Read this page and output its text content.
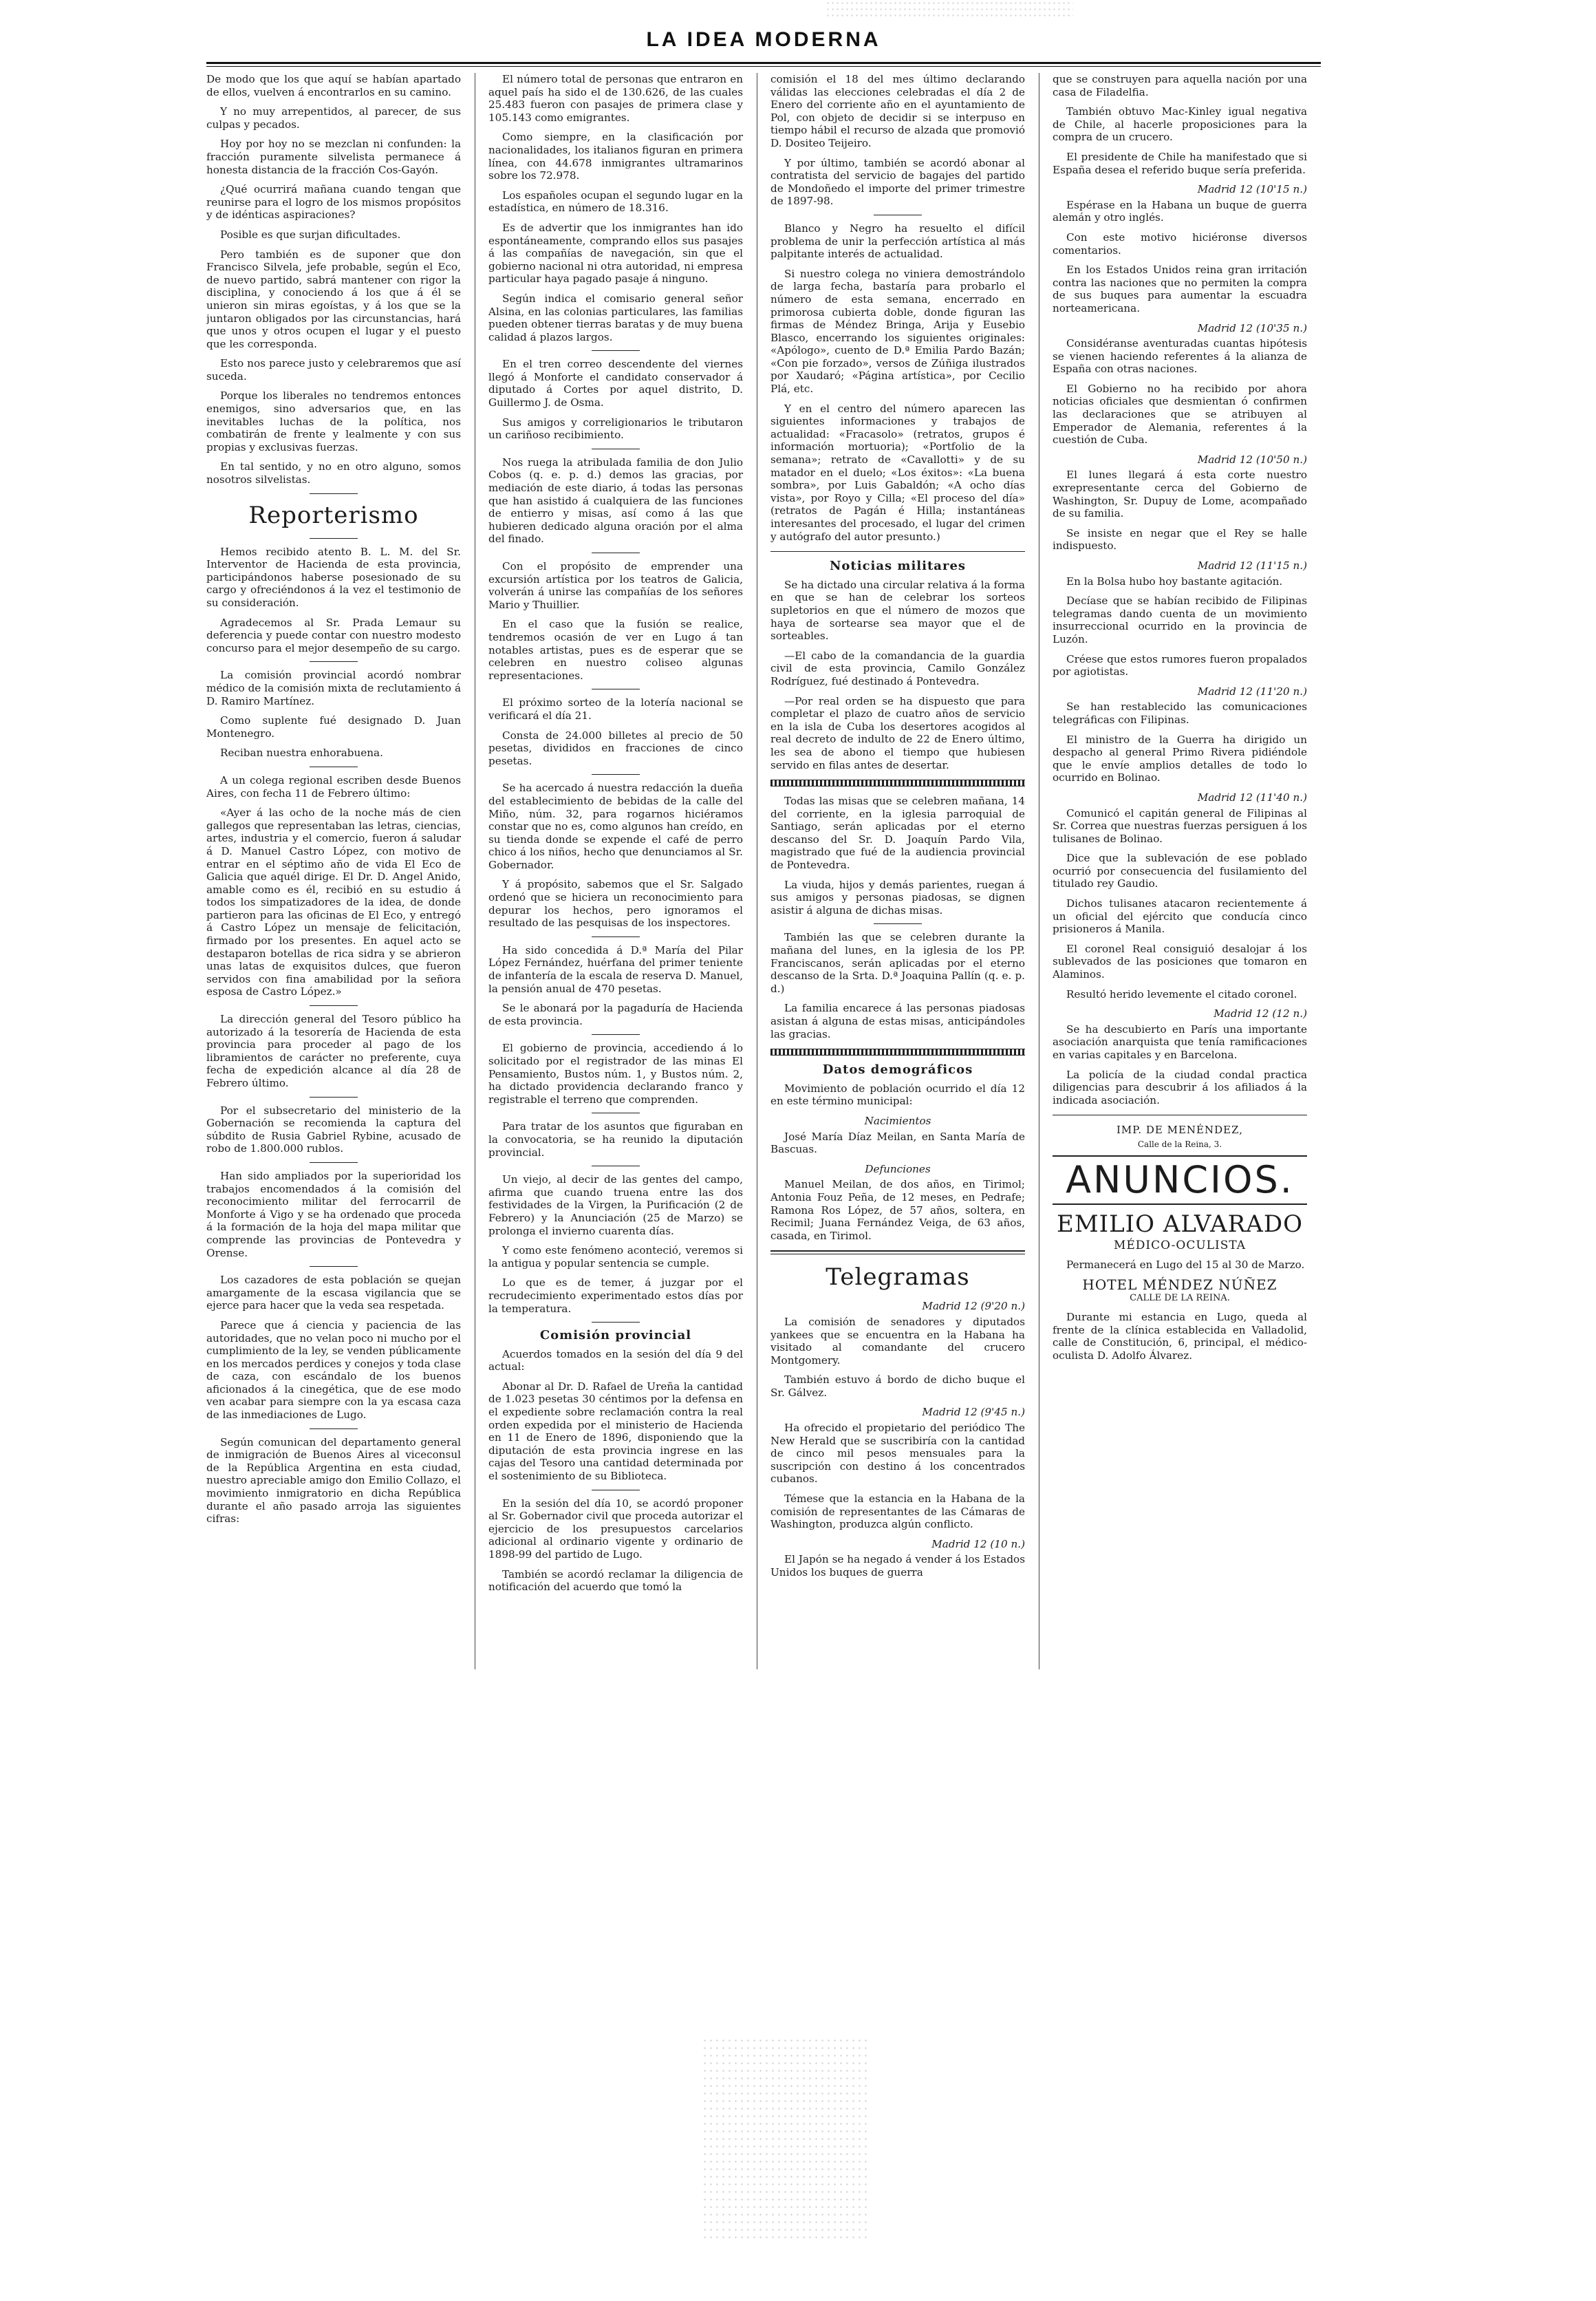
LA IDEA MODERNA

De modo que los que aquí se habían apartado de ellos, vuelven á encontrarlos en su camino.

Y no muy arrepentidos, al parecer, de sus culpas y pecados.

Hoy por hoy no se mezclan ni confunden: la fracción puramente silvelista permanece á honesta distancia de la fracción Cos-Gayón.

¿Qué ocurrirá mañana cuando tengan que reunirse para el logro de los mismos propósitos y de idénticas aspiraciones?

Posible es que surjan dificultades.

Pero también es de suponer que don Francisco Silvela, jefe probable, según el Eco, de nuevo partido, sabrá mantener con rigor la disciplina, y conociendo á los que á él se unieron sin miras egoístas, y á los que se la juntaron obligados por las circunstancias, hará que unos y otros ocupen el lugar y el puesto que les corresponda.

Esto nos parece justo y celebraremos que así suceda.

Porque los liberales no tendremos entonces enemigos, sino adversarios que, en las inevitables luchas de la política, nos combatirán de frente y lealmente y con sus propias y exclusivas fuerzas.

En tal sentido, y no en otro alguno, somos nosotros silvelistas.

Reporterismo

Hemos recibido atento B. L. M. del Sr. Interventor de Hacienda de esta provincia, participándonos haberse posesionado de su cargo y ofreciéndonos á la vez el testimonio de su consideración.

Agradecemos al Sr. Prada Lemaur su deferencia y puede contar con nuestro modesto concurso para el mejor desempeño de su cargo.

La comisión provincial acordó nombrar médico de la comisión mixta de reclutamiento á D. Ramiro Martínez.

Como suplente fué designado D. Juan Montenegro.

Reciban nuestra enhorabuena.

A un colega regional escriben desde Buenos Aires, con fecha 11 de Febrero último:

«Ayer á las ocho de la noche más de cien gallegos que representaban las letras, ciencias, artes, industria y el comercio, fueron á saludar á D. Manuel Castro López, con motivo de entrar en el séptimo año de vida El Eco de Galicia que aquél dirige. El Dr. D. Angel Anido, amable como es él, recibió en su estudio á todos los simpatizadores de la idea, de donde partieron para las oficinas de El Eco, y entregó á Castro López un mensaje de felicitación, firmado por los presentes. En aquel acto se destaparon botellas de rica sidra y se abrieron unas latas de exquisitos dulces, que fueron servidos con fina amabilidad por la señora esposa de Castro López.»

La dirección general del Tesoro público ha autorizado á la tesorería de Hacienda de esta provincia para proceder al pago de los libramientos de carácter no preferente, cuya fecha de expedición alcance al día 28 de Febrero último.

Por el subsecretario del ministerio de la Gobernación se recomienda la captura del súbdito de Rusia Gabriel Rybine, acusado de robo de 1.800.000 rublos.

Han sido ampliados por la superioridad los trabajos encomendados á la comisión del reconocimiento militar del ferrocarril de Monforte á Vigo y se ha ordenado que proceda á la formación de la hoja del mapa militar que comprende las provincias de Pontevedra y Orense.

Los cazadores de esta población se quejan amargamente de la escasa vigilancia que se ejerce para hacer que la veda sea respetada.

Parece que á ciencia y paciencia de las autoridades, que no velan poco ni mucho por el cumplimiento de la ley, se venden públicamente en los mercados perdices y conejos y toda clase de caza, con escándalo de los buenos aficionados á la cinegética, que de ese modo ven acabar para siempre con la ya escasa caza de las inmediaciones de Lugo.

Según comunican del departamento general de inmigración de Buenos Aires al viceconsul de la República Argentina en esta ciudad, nuestro apreciable amigo don Emilio Collazo, el movimiento inmigratorio en dicha República durante el año pasado arroja las siguientes cifras:

El número total de personas que entraron en aquel país ha sido el de 130.626, de las cuales 25.483 fueron con pasajes de primera clase y 105.143 como emigrantes.

Como siempre, en la clasificación por nacionalidades, los italianos figuran en primera línea, con 44.678 inmigrantes ultramarinos sobre los 72.978.

Los españoles ocupan el segundo lugar en la estadística, en número de 18.316.

Es de advertir que los inmigrantes han ido espontáneamente, comprando ellos sus pasajes á las compañías de navegación, sin que el gobierno nacional ni otra autoridad, ni empresa particular haya pagado pasaje á ninguno.

Según indica el comisario general señor Alsina, en las colonias particulares, las familias pueden obtener tierras baratas y de muy buena calidad á plazos largos.

En el tren correo descendente del viernes llegó á Monforte el candidato conservador á diputado á Cortes por aquel distrito, D. Guillermo J. de Osma.

Sus amigos y correligionarios le tributaron un cariñoso recibimiento.

Nos ruega la atribulada familia de don Julio Cobos (q. e. p. d.) demos las gracias, por mediación de este diario, á todas las personas que han asistido á cualquiera de las funciones de entierro y misas, así como á las que hubieren dedicado alguna oración por el alma del finado.

Con el propósito de emprender una excursión artística por los teatros de Galicia, volverán á unirse las compañías de los señores Mario y Thuillier.

En el caso que la fusión se realice, tendremos ocasión de ver en Lugo á tan notables artistas, pues es de esperar que se celebren en nuestro coliseo algunas representaciones.

El próximo sorteo de la lotería nacional se verificará el día 21.

Consta de 24.000 billetes al precio de 50 pesetas, divididos en fracciones de cinco pesetas.

Se ha acercado á nuestra redacción la dueña del establecimiento de bebidas de la calle del Miño, núm. 32, para rogarnos hiciéramos constar que no es, como algunos han creído, en su tienda donde se expende el café de perro chico á los niños, hecho que denunciamos al Sr. Gobernador.

Y á propósito, sabemos que el Sr. Salgado ordenó que se hiciera un reconocimiento para depurar los hechos, pero ignoramos el resultado de las pesquisas de los inspectores.

Ha sido concedida á D.ª María del Pilar López Fernández, huérfana del primer teniente de infantería de la escala de reserva D. Manuel, la pensión anual de 470 pesetas.

Se le abonará por la pagaduría de Hacienda de esta provincia.

El gobierno de provincia, accediendo á lo solicitado por el registrador de las minas El Pensamiento, Bustos núm. 1, y Bustos núm. 2, ha dictado providencia declarando franco y registrable el terreno que comprenden.

Para tratar de los asuntos que figuraban en la convocatoria, se ha reunido la diputación provincial.

Un viejo, al decir de las gentes del campo, afirma que cuando truena entre las dos festividades de la Virgen, la Purificación (2 de Febrero) y la Anunciación (25 de Marzo) se prolonga el invierno cuarenta días.

Y como este fenómeno aconteció, veremos si la antigua y popular sentencia se cumple.

Lo que es de temer, á juzgar por el recrudecimiento experimentado estos días por la temperatura.

Comisión provincial

Acuerdos tomados en la sesión del día 9 del actual:

Abonar al Dr. D. Rafael de Ureña la cantidad de 1.023 pesetas 30 céntimos por la defensa en el expediente sobre reclamación contra la real orden expedida por el ministerio de Hacienda en 11 de Enero de 1896, disponiendo que la diputación de esta provincia ingrese en las cajas del Tesoro una cantidad determinada por el sostenimiento de su Biblioteca.

En la sesión del día 10, se acordó proponer al Sr. Gobernador civil que proceda autorizar el ejercicio de los presupuestos carcelarios adicional al ordinario vigente y ordinario de 1898-99 del partido de Lugo.

También se acordó reclamar la diligencia de notificación del acuerdo que tomó la

comisión el 18 del mes último declarando válidas las elecciones celebradas el día 2 de Enero del corriente año en el ayuntamiento de Pol, con objeto de decidir si se interpuso en tiempo hábil el recurso de alzada que promovió D. Dositeo Teijeiro.

Y por último, también se acordó abonar al contratista del servicio de bagajes del partido de Mondoñedo el importe del primer trimestre de 1897-98.

Blanco y Negro ha resuelto el difícil problema de unir la perfección artística al más palpitante interés de actualidad.

Si nuestro colega no viniera demostrándolo de larga fecha, bastaría para probarlo el número de esta semana, encerrado en primorosa cubierta doble, donde figuran las firmas de Méndez Bringa, Arija y Eusebio Blasco, encerrando los siguientes originales: «Apólogo», cuento de D.ª Emilia Pardo Bazán; «Con pie forzado», versos de Zúñiga ilustrados por Xaudaró; «Página artística», por Cecilio Plá, etc.

Y en el centro del número aparecen las siguientes informaciones y trabajos de actualidad: «Fracasolo» (retratos, grupos é información mortuoria); «Portfolio de la semana»; retrato de «Cavallotti» y de su matador en el duelo; «Los éxitos»: «La buena sombra», por Luis Gabaldón; «A ocho días vista», por Royo y Cilla; «El proceso del día» (retratos de Pagán é Hilla; instantáneas interesantes del procesado, el lugar del crimen y autógrafo del autor presunto.)

Noticias militares

Se ha dictado una circular relativa á la forma en que se han de celebrar los sorteos supletorios en que el número de mozos que haya de sortearse sea mayor que el de sorteables.

—El cabo de la comandancia de la guardia civil de esta provincia, Camilo González Rodríguez, fué destinado á Pontevedra.

—Por real orden se ha dispuesto que para completar el plazo de cuatro años de servicio en la isla de Cuba los desertores acogidos al real decreto de indulto de 22 de Enero último, les sea de abono el tiempo que hubiesen servido en filas antes de desertar.

Todas las misas que se celebren mañana, 14 del corriente, en la iglesia parroquial de Santiago, serán aplicadas por el eterno descanso del Sr. D. Joaquín Pardo Vila, magistrado que fué de la audiencia provincial de Pontevedra.

La viuda, hijos y demás parientes, ruegan á sus amigos y personas piadosas, se dignen asistir á alguna de dichas misas.

También las que se celebren durante la mañana del lunes, en la iglesia de los PP. Franciscanos, serán aplicadas por el eterno descanso de la Srta. D.ª Joaquina Pallín (q. e. p. d.)

La familia encarece á las personas piadosas asistan á alguna de estas misas, anticipándoles las gracias.

Datos demográficos

Movimiento de población ocurrido el día 12 en este término municipal:

Nacimientos

José María Díaz Meilan, en Santa María de Bascuas.

Defunciones

Manuel Meilan, de dos años, en Tirimol; Antonia Fouz Peña, de 12 meses, en Pedrafe; Ramona Ros López, de 57 años, soltera, en Recimil; Juana Fernández Veiga, de 63 años, casada, en Tirimol.

Telegramas

Madrid 12 (9'20 n.)

La comisión de senadores y diputados yankees que se encuentra en la Habana ha visitado al comandante del crucero Montgomery.

También estuvo á bordo de dicho buque el Sr. Gálvez.

Madrid 12 (9'45 n.)

Ha ofrecido el propietario del periódico The New Herald que se suscribiría con la cantidad de cinco mil pesos mensuales para la suscripción con destino á los concentrados cubanos.

Témese que la estancia en la Habana de la comisión de representantes de las Cámaras de Washington, produzca algún conflicto.

Madrid 12 (10 n.)

El Japón se ha negado á vender á los Estados Unidos los buques de guerra

que se construyen para aquella nación por una casa de Filadelfia.

También obtuvo Mac-Kinley igual negativa de Chile, al hacerle proposiciones para la compra de un crucero.

El presidente de Chile ha manifestado que si España desea el referido buque sería preferida.

Madrid 12 (10'15 n.)

Espérase en la Habana un buque de guerra alemán y otro inglés.

Con este motivo hiciéronse diversos comentarios.

En los Estados Unidos reina gran irritación contra las naciones que no permiten la compra de sus buques para aumentar la escuadra norteamericana.

Madrid 12 (10'35 n.)

Considéranse aventuradas cuantas hipótesis se vienen haciendo referentes á la alianza de España con otras naciones.

El Gobierno no ha recibido por ahora noticias oficiales que desmientan ó confirmen las declaraciones que se atribuyen al Emperador de Alemania, referentes á la cuestión de Cuba.

Madrid 12 (10'50 n.)

El lunes llegará á esta corte nuestro exrepresentante cerca del Gobierno de Washington, Sr. Dupuy de Lome, acompañado de su familia.

Se insiste en negar que el Rey se halle indispuesto.

Madrid 12 (11'15 n.)

En la Bolsa hubo hoy bastante agitación.

Decíase que se habían recibido de Filipinas telegramas dando cuenta de un movimiento insurreccional ocurrido en la provincia de Luzón.

Créese que estos rumores fueron propalados por agiotistas.

Madrid 12 (11'20 n.)

Se han restablecido las comunicaciones telegráficas con Filipinas.

El ministro de la Guerra ha dirigido un despacho al general Primo Rivera pidiéndole que le envíe amplios detalles de todo lo ocurrido en Bolinao.

Madrid 12 (11'40 n.)

Comunicó el capitán general de Filipinas al Sr. Correa que nuestras fuerzas persiguen á los tulisanes de Bolinao.

Dice que la sublevación de ese poblado ocurrió por consecuencia del fusilamiento del titulado rey Gaudio.

Dichos tulisanes atacaron recientemente á un oficial del ejército que conducía cinco prisioneros á Manila.

El coronel Real consiguió desalojar á los sublevados de las posiciones que tomaron en Alaminos.

Resultó herido levemente el citado coronel.

Madrid 12 (12 n.)

Se ha descubierto en París una importante asociación anarquista que tenía ramificaciones en varias capitales y en Barcelona.

La policía de la ciudad condal practica diligencias para descubrir á los afiliados á la indicada asociación.

IMP. DE MENÉNDEZ,
Calle de la Reina, 3.
ANUNCIOS.
EMILIO ALVARADO
MÉDICO-OCULISTA

Permanecerá en Lugo del 15 al 30 de Marzo.

HOTEL MÉNDEZ NÚÑEZ
CALLE DE LA REINA.

Durante mi estancia en Lugo, queda al frente de la clínica establecida en Valladolid, calle de Constitución, 6, principal, el médico-oculista D. Adolfo Álvarez.
